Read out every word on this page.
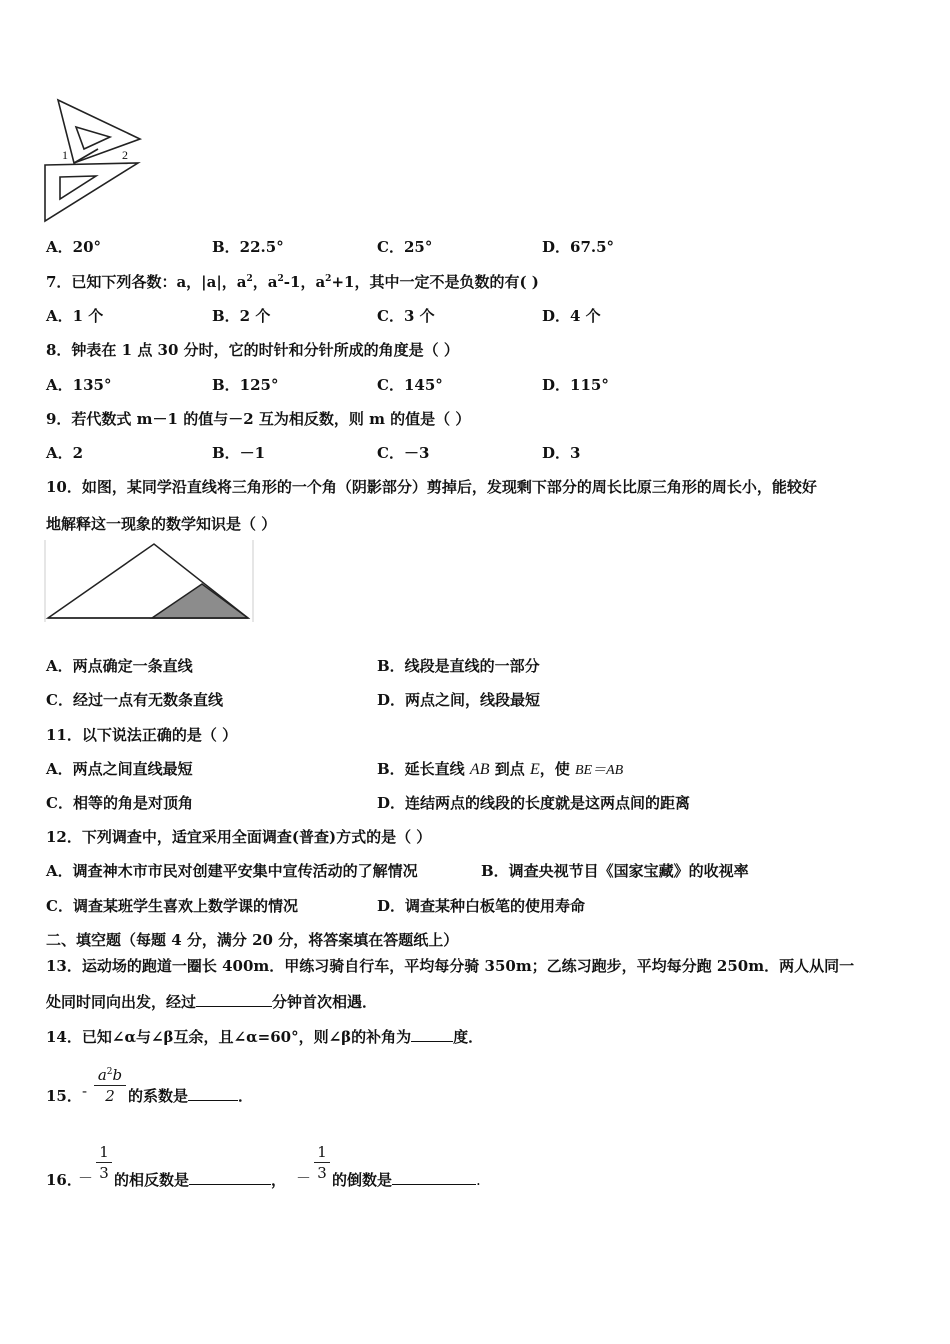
1	2
A．20°	B．22.5°	C．25°	D．67.5°
7．已知下列各数：a，|a|，$a^2$，$a^2-1$，$a^2+1$，其中一定不是负数的有( )
A．1 个	B．2 个	C．3 个	D．4 个
8．钟表在 1 点 30 分时，它的时针和分针所成的角度是（ ）
A．135°	B．125°	C．145°	D．115°
9．若代数式 m－1 的值与－2 互为相反数，则 m 的值是（ ）
A．2	B．－1	C．－3	D．3
10．如图，某同学沿直线将三角形的一个角（阴影部分）剪掉后，发现剩下部分的周长比原三角形的周长小，能较好
地解释这一现象的数学知识是（ ）
A．两点确定一条直线	B．线段是直线的一部分
C．经过一点有无数条直线	D．两点之间，线段最短
11．以下说法正确的是（ ）
A．两点之间直线最短	B．延长直线 AB 到点 E，使 BE＝AB
C．相等的角是对顶角	D．连结两点的线段的长度就是这两点间的距离
12．下列调查中，适宜采用全面调查(普查)方式的是（ ）
A．调查神木市市民对创建平安集中宣传活动的了解情况	B．调查央视节目《国家宝藏》的收视率
C．调查某班学生喜欢上数学课的情况	D．调查某种白板笔的使用寿命
二、填空题（每题 4 分，满分 20 分，将答案填在答题纸上）
13．运动场的跑道一圈长 400m．甲练习骑自行车，平均每分骑 350m；乙练习跑步，平均每分跑 250m．两人从同一
处同时同向出发，经过	分钟首次相遇．
14．已知∠α与∠β互余，且∠α=60°，则∠β的补角为	度．
15． -
$a^2b$
2 的系数是	．
16．
－
1
3 的相反数是	， －
1
3 的倒数是	.
